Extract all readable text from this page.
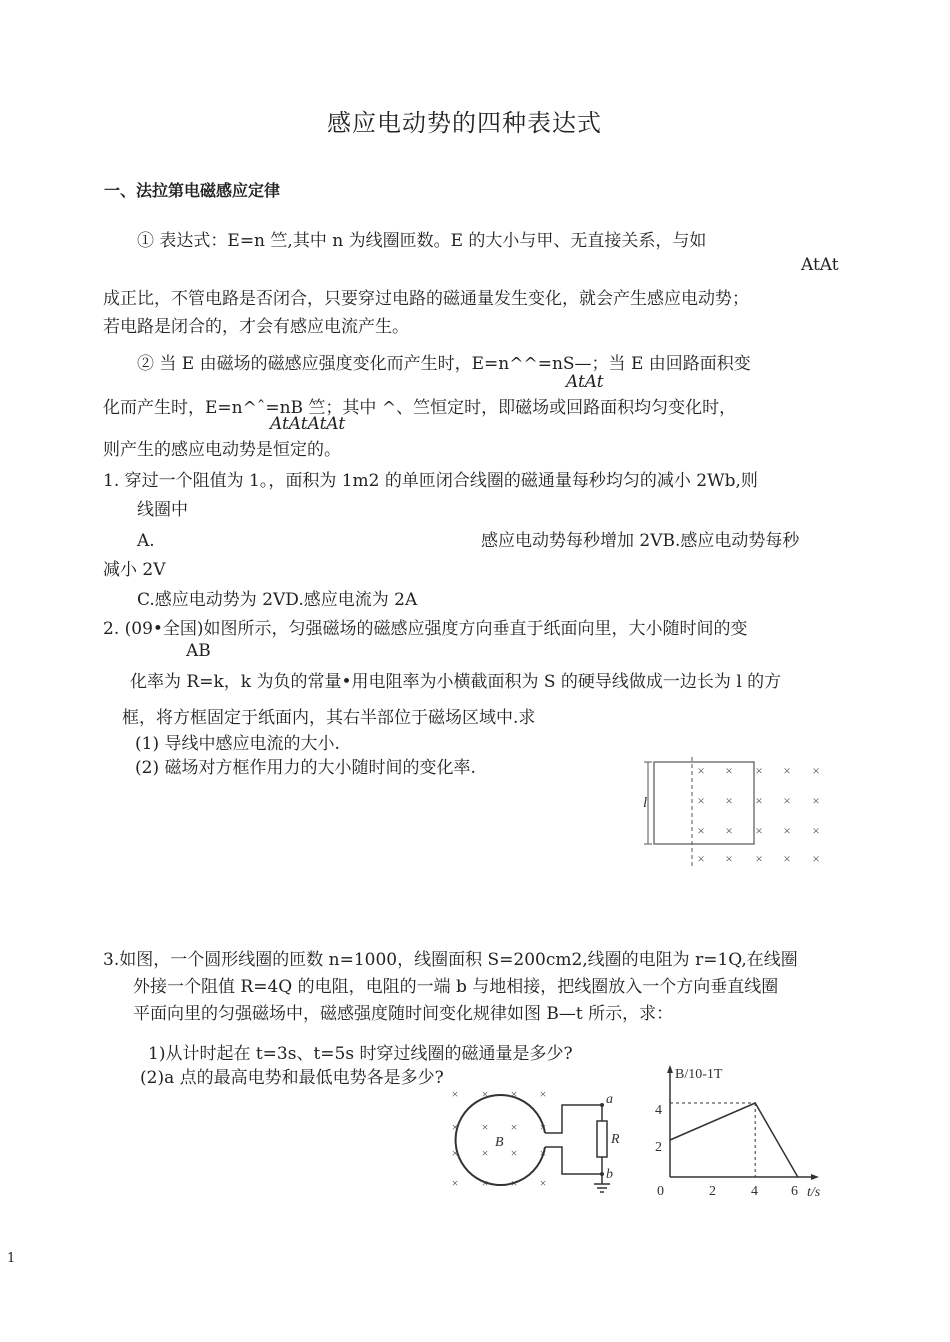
感应电动势的四种表达式
一、法拉第电磁感应定律
① 表达式：E=n 竺,其中 n 为线圈匝数。E 的大小与甲、无直接关系，与如
AtAt
成正比，不管电路是否闭合，只要穿过电路的磁通量发生变化，就会产生感应电动势；
若电路是闭合的，才会有感应电流产生。
② 当 E 由磁场的磁感应强度变化而产生时，E=n^^=nS—；当 E 由回路面积变
AtAt
化而产生时，E=n^ˆ=nB 竺；其中 ^、竺恒定时，即磁场或回路面积均匀变化时，
AtAtAtAt
则产生的感应电动势是恒定的。
1. 穿过一个阻值为 1。，面积为 1m2 的单匝闭合线圈的磁通量每秒均匀的减小 2Wb,则
线圈中
A.	感应电动势每秒增加 2VB.感应电动势每秒
减小 2V
C.感应电动势为 2VD.感应电流为 2A
2. (09•全国)如图所示，匀强磁场的磁感应强度方向垂直于纸面向里，大小随时间的变
AB
化率为 R=k，k 为负的常量•用电阻率为小横截面积为 S 的硬导线做成一边长为 l 的方
框，将方框固定于纸面内，其右半部位于磁场区域中.求
(1) 导线中感应电流的大小.
(2) 磁场对方框作用力的大小随时间的变化率.
l
× × × × ×
× × × × ×
× × × × ×
× × × × ×
3.如图，一个圆形线圈的匝数 n=1000，线圈面积 S=200cm2,线圈的电阻为 r=1Q,在线圈
外接一个阻值 R=4Q 的电阻，电阻的一端 b 与地相接，把线圈放入一个方向垂直线圈
平面向里的匀强磁场中，磁感强度随时间变化规律如图 B—t 所示，求：
1)从计时起在 t=3s、t=5s 时穿过线圈的磁通量是多少?
(2)a 点的最高电势和最低电势各是多少?
× × × ×
× × × ×
× × × ×
× × × ×
a
b
R
B
B/10-1T
t/s
4
2
0	2	4 6
1
